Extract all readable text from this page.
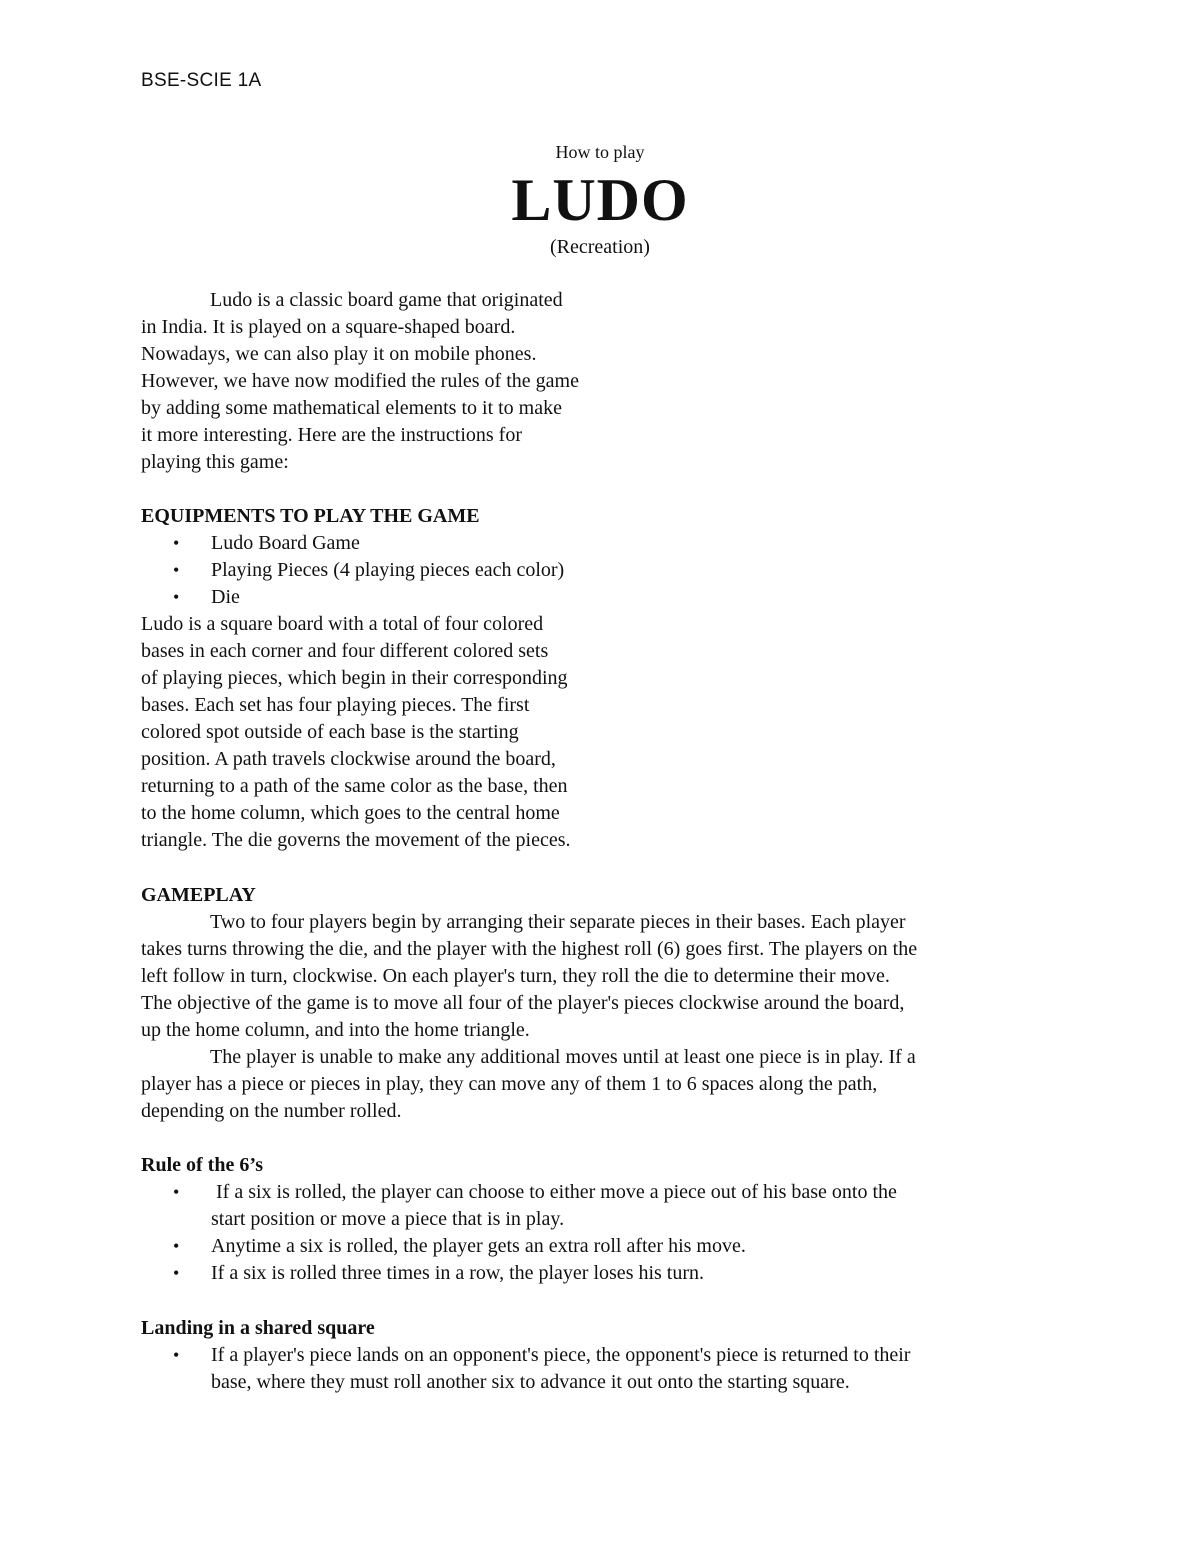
BSE-SCIE 1A
How to play
LUDO
(Recreation)

Ludo is a classic board game that originated

in India. It is played on a square-shaped board.

Nowadays, we can also play it on mobile phones.

However, we have now modified the rules of the game

by adding some mathematical elements to it to make

it more interesting. Here are the instructions for

playing this game:

EQUIPMENTS TO PLAY THE GAME
• Ludo Board Game
• Playing Pieces (4 playing pieces each color)
• Die

Ludo is a square board with a total of four colored

bases in each corner and four different colored sets

of playing pieces, which begin in their corresponding

bases. Each set has four playing pieces. The first

colored spot outside of each base is the starting

position. A path travels clockwise around the board,

returning to a path of the same color as the base, then

to the home column, which goes to the central home

triangle. The die governs the movement of the pieces.

GAMEPLAY

Two to four players begin by arranging their separate pieces in their bases. Each player

takes turns throwing the die, and the player with the highest roll (6) goes first. The players on the

left follow in turn, clockwise. On each player's turn, they roll the die to determine their move.

The objective of the game is to move all four of the player's pieces clockwise around the board,

up the home column, and into the home triangle.

The player is unable to make any additional moves until at least one piece is in play. If a

player has a piece or pieces in play, they can move any of them 1 to 6 spaces along the path,

depending on the number rolled.

Rule of the 6’s
• If a six is rolled, the player can choose to either move a piece out of his base onto the
start position or move a piece that is in play.
• Anytime a six is rolled, the player gets an extra roll after his move.
• If a six is rolled three times in a row, the player loses his turn.
Landing in a shared square
• If a player's piece lands on an opponent's piece, the opponent's piece is returned to their
base, where they must roll another six to advance it out onto the starting square.
